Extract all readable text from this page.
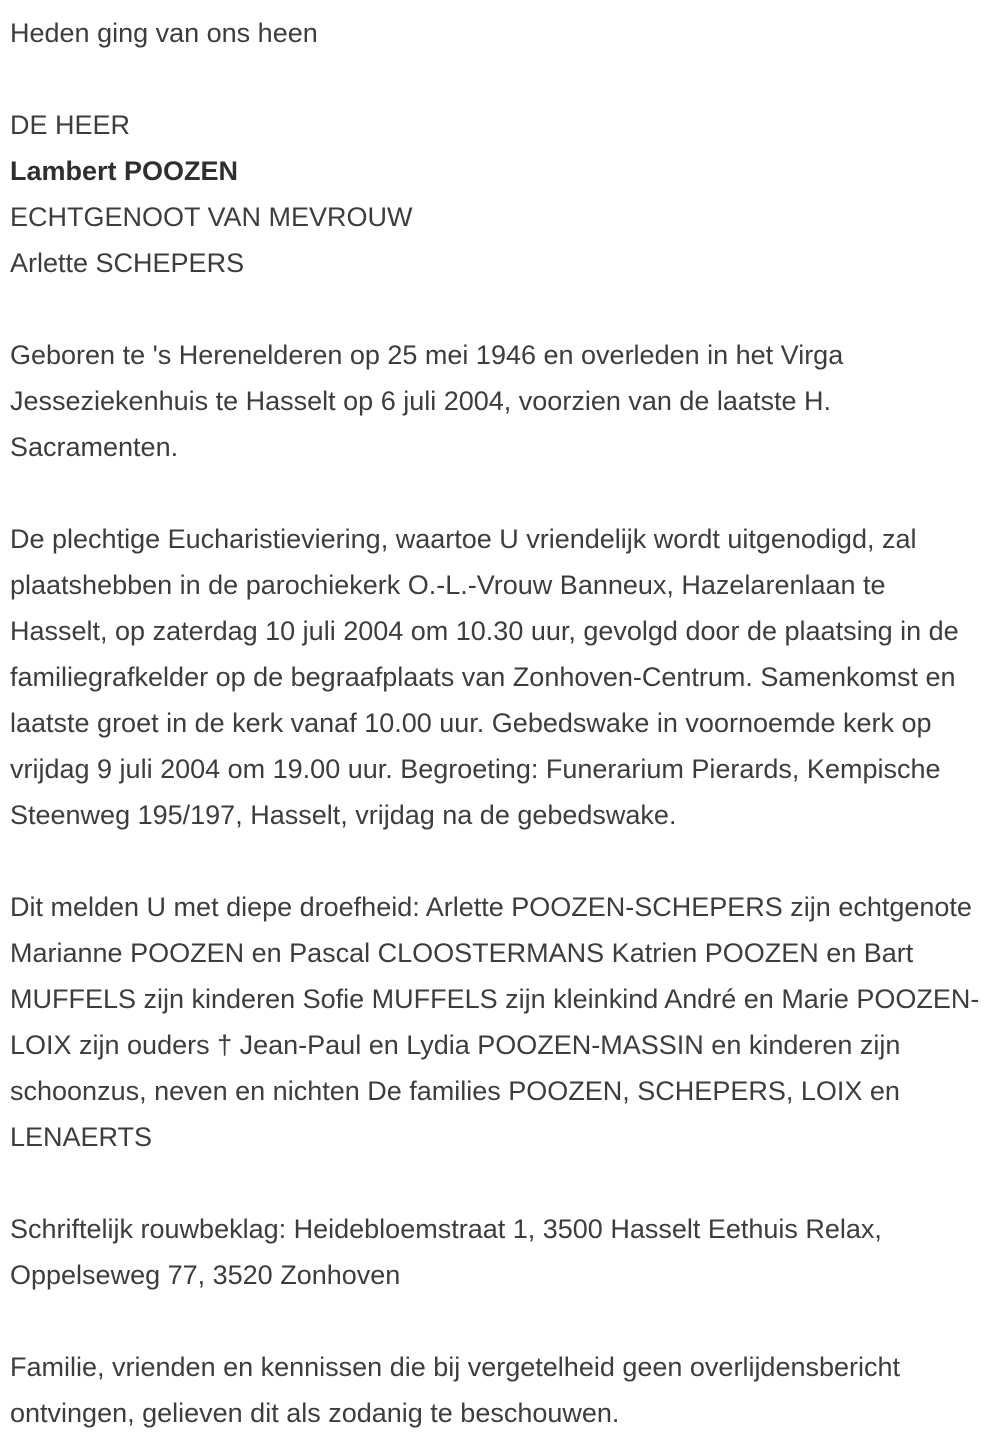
Heden ging van ons heen

DE HEER
Lambert POOZEN
ECHTGENOOT VAN MEVROUW
Arlette SCHEPERS

Geboren te 's Herenelderen op 25 mei 1946 en overleden in het Virga Jesseziekenhuis te Hasselt op 6 juli 2004, voorzien van de laatste H. Sacramenten.

De plechtige Eucharistieviering, waartoe U vriendelijk wordt uitgenodigd, zal plaatshebben in de parochiekerk O.-L.-Vrouw Banneux, Hazelarenlaan te Hasselt, op zaterdag 10 juli 2004 om 10.30 uur, gevolgd door de plaatsing in de familiegrafkelder op de begraafplaats van Zonhoven-Centrum. Samenkomst en laatste groet in de kerk vanaf 10.00 uur. Gebedswake in voornoemde kerk op vrijdag 9 juli 2004 om 19.00 uur. Begroeting: Funerarium Pierards, Kempische Steenweg 195/197, Hasselt, vrijdag na de gebedswake.

Dit melden U met diepe droefheid: Arlette POOZEN-SCHEPERS zijn echtgenote Marianne POOZEN en Pascal CLOOSTERMANS Katrien POOZEN en Bart MUFFELS zijn kinderen Sofie MUFFELS zijn kleinkind André en Marie POOZEN-LOIX zijn ouders † Jean-Paul en Lydia POOZEN-MASSIN en kinderen zijn schoonzus, neven en nichten De families POOZEN, SCHEPERS, LOIX en LENAERTS

Schriftelijk rouwbeklag: Heidebloemstraat 1, 3500 Hasselt Eethuis Relax, Oppelseweg 77, 3520 Zonhoven

Familie, vrienden en kennissen die bij vergetelheid geen overlijdensbericht ontvingen, gelieven dit als zodanig te beschouwen.
